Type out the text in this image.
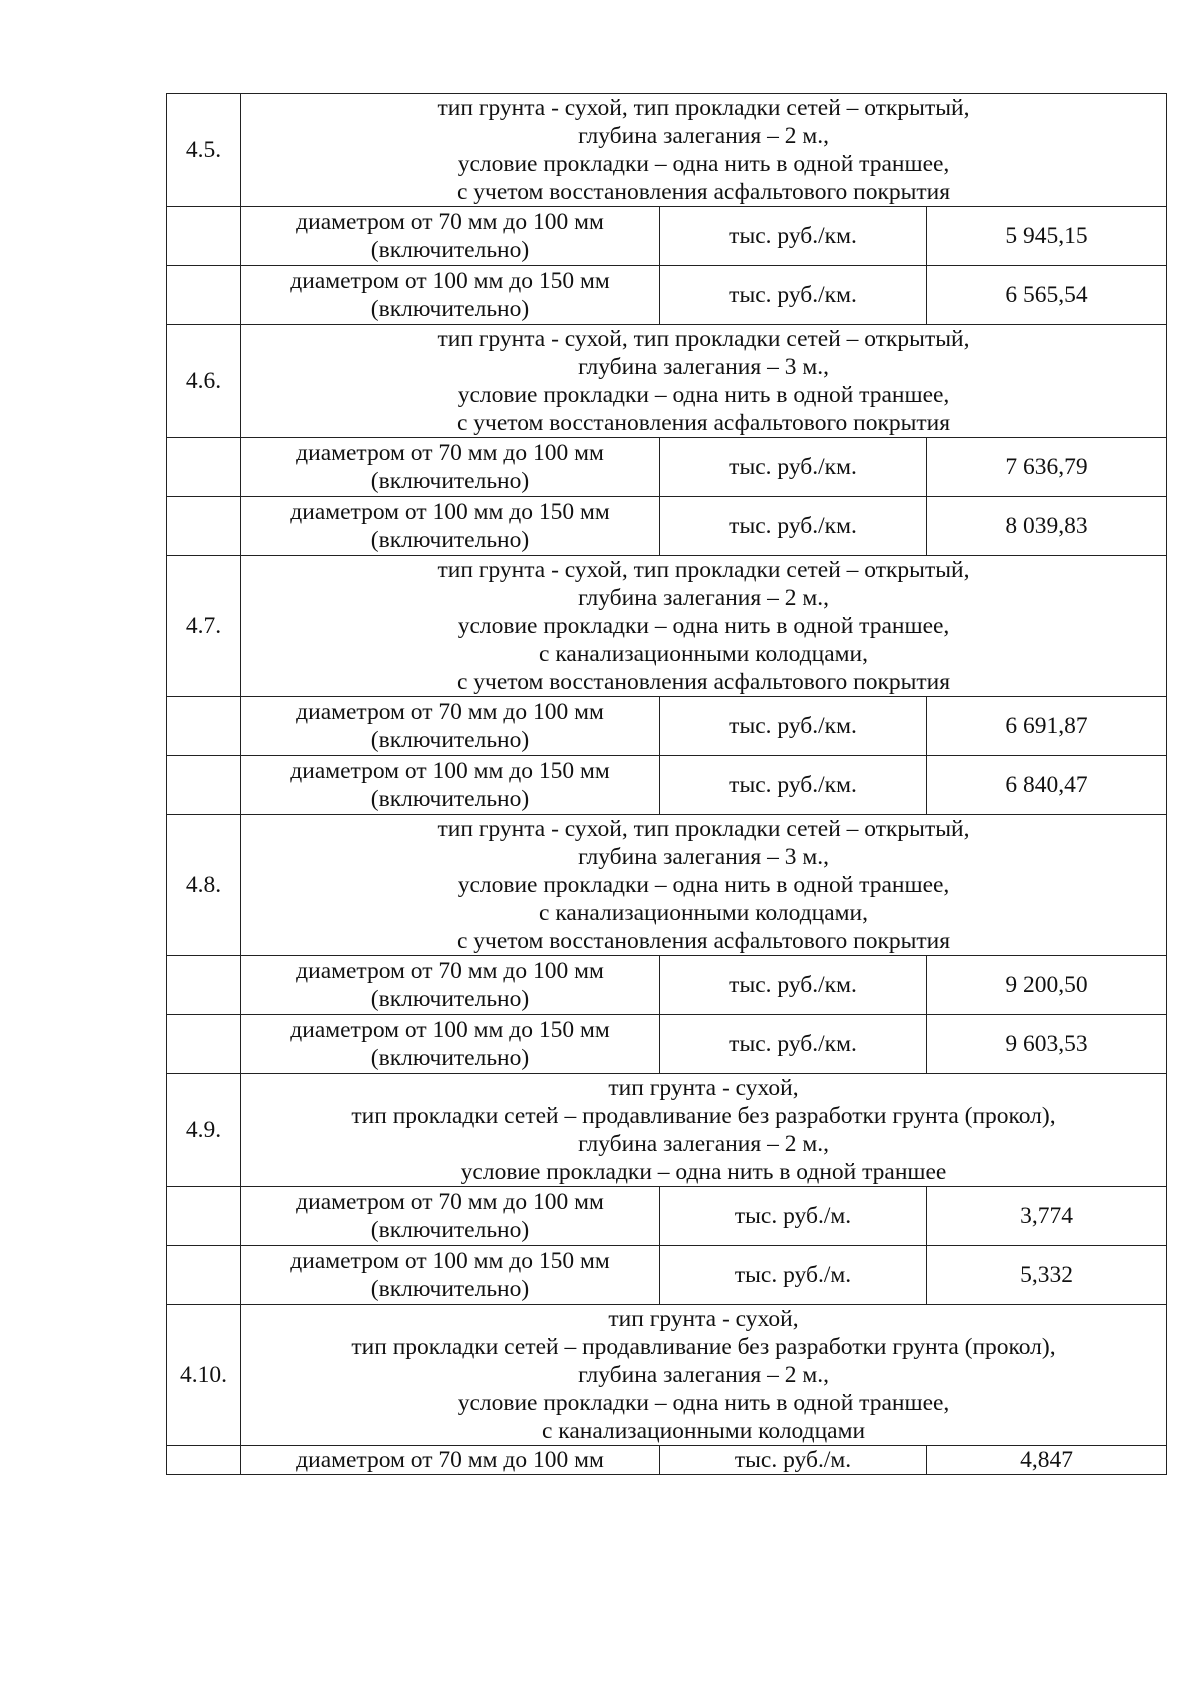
4.5.	тип грунта - сухой, тип прокладки сетей – открытый,
глубина залегания – 2 м.,
условие прокладки – одна нить в одной траншее,
с учетом восстановления асфальтового покрытия		

	диаметром от 70 мм до 100 мм
(включительно)	тыс. руб./км.	5 945,15

	диаметром от 100 мм до 150 мм
(включительно)	тыс. руб./км.	6 565,54
4.6.	тип грунта - сухой, тип прокладки сетей – открытый,
глубина залегания – 3 м.,
условие прокладки – одна нить в одной траншее,
с учетом восстановления асфальтового покрытия		

	диаметром от 70 мм до 100 мм
(включительно)	тыс. руб./км.	7 636,79

	диаметром от 100 мм до 150 мм
(включительно)	тыс. руб./км.	8 039,83
4.7.	тип грунта - сухой, тип прокладки сетей – открытый,
глубина залегания – 2 м.,
условие прокладки – одна нить в одной траншее,
с канализационными колодцами,
с учетом восстановления асфальтового покрытия		

	диаметром от 70 мм до 100 мм
(включительно)	тыс. руб./км.	6 691,87

	диаметром от 100 мм до 150 мм
(включительно)	тыс. руб./км.	6 840,47
4.8.	тип грунта - сухой, тип прокладки сетей – открытый,
глубина залегания – 3 м.,
условие прокладки – одна нить в одной траншее,
с канализационными колодцами,
с учетом восстановления асфальтового покрытия		

	диаметром от 70 мм до 100 мм
(включительно)	тыс. руб./км.	9 200,50

	диаметром от 100 мм до 150 мм
(включительно)	тыс. руб./км.	9 603,53
4.9.	тип грунта - сухой,
тип прокладки сетей – продавливание без разработки грунта (прокол),
глубина залегания – 2 м.,
условие прокладки – одна нить в одной траншее		

	диаметром от 70 мм до 100 мм
(включительно)	тыс. руб./м.	3,774

	диаметром от 100 мм до 150 мм
(включительно)	тыс. руб./м.	5,332
4.10.	тип грунта - сухой,
тип прокладки сетей – продавливание без разработки грунта (прокол),
глубина залегания – 2 м.,
условие прокладки – одна нить в одной траншее,
с канализационными колодцами		

	диаметром от 70 мм до 100 мм	тыс. руб./м.	4,847
